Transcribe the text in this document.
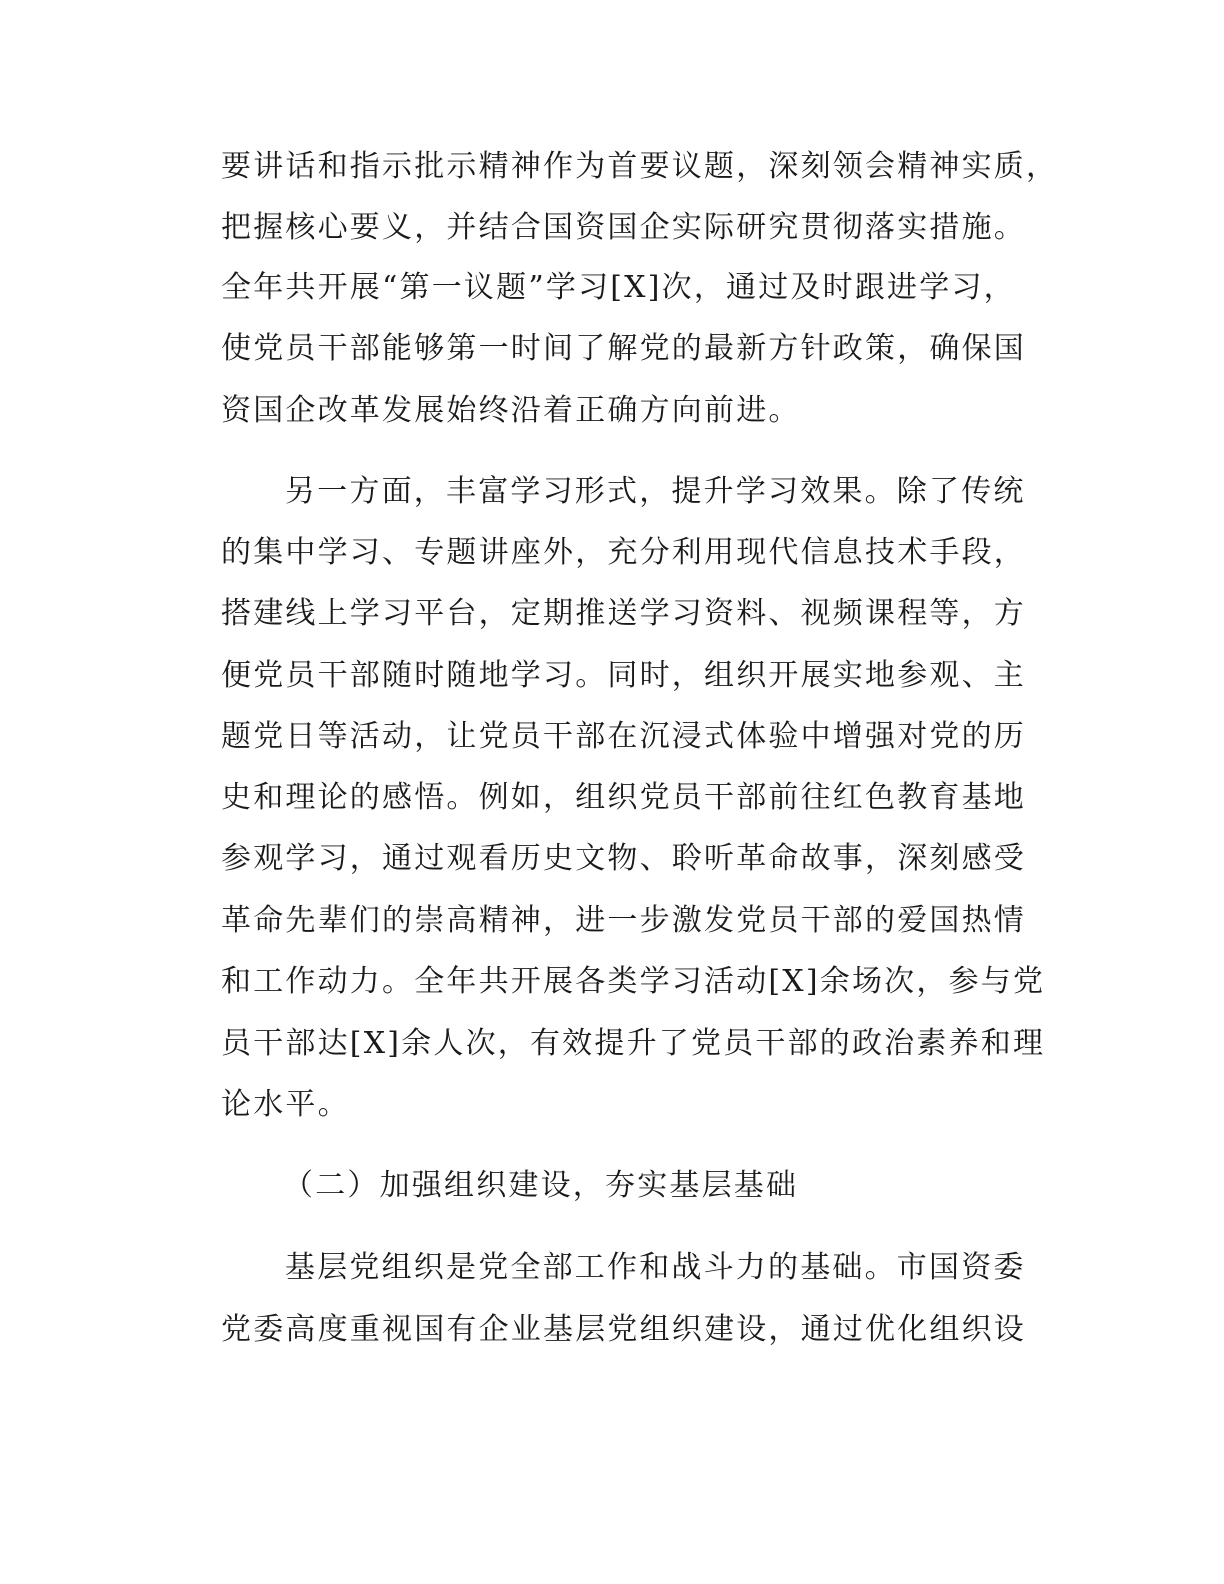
要讲话和指示批示精神作为首要议题，深刻领会精神实质，
把握核心要义，并结合国资国企实际研究贯彻落实措施。
全年共开展“第一议题”学习[X]次，通过及时跟进学习，
使党员干部能够第一时间了解党的最新方针政策，确保国
资国企改革发展始终沿着正确方向前进。
另一方面，丰富学习形式，提升学习效果。除了传统
的集中学习、专题讲座外，充分利用现代信息技术手段，
搭建线上学习平台，定期推送学习资料、视频课程等，方
便党员干部随时随地学习。同时，组织开展实地参观、主
题党日等活动，让党员干部在沉浸式体验中增强对党的历
史和理论的感悟。例如，组织党员干部前往红色教育基地
参观学习，通过观看历史文物、聆听革命故事，深刻感受
革命先辈们的崇高精神，进一步激发党员干部的爱国热情
和工作动力。全年共开展各类学习活动[X]余场次，参与党
员干部达[X]余人次，有效提升了党员干部的政治素养和理
论水平。
（二）加强组织建设，夯实基层基础
基层党组织是党全部工作和战斗力的基础。市国资委
党委高度重视国有企业基层党组织建设，通过优化组织设
